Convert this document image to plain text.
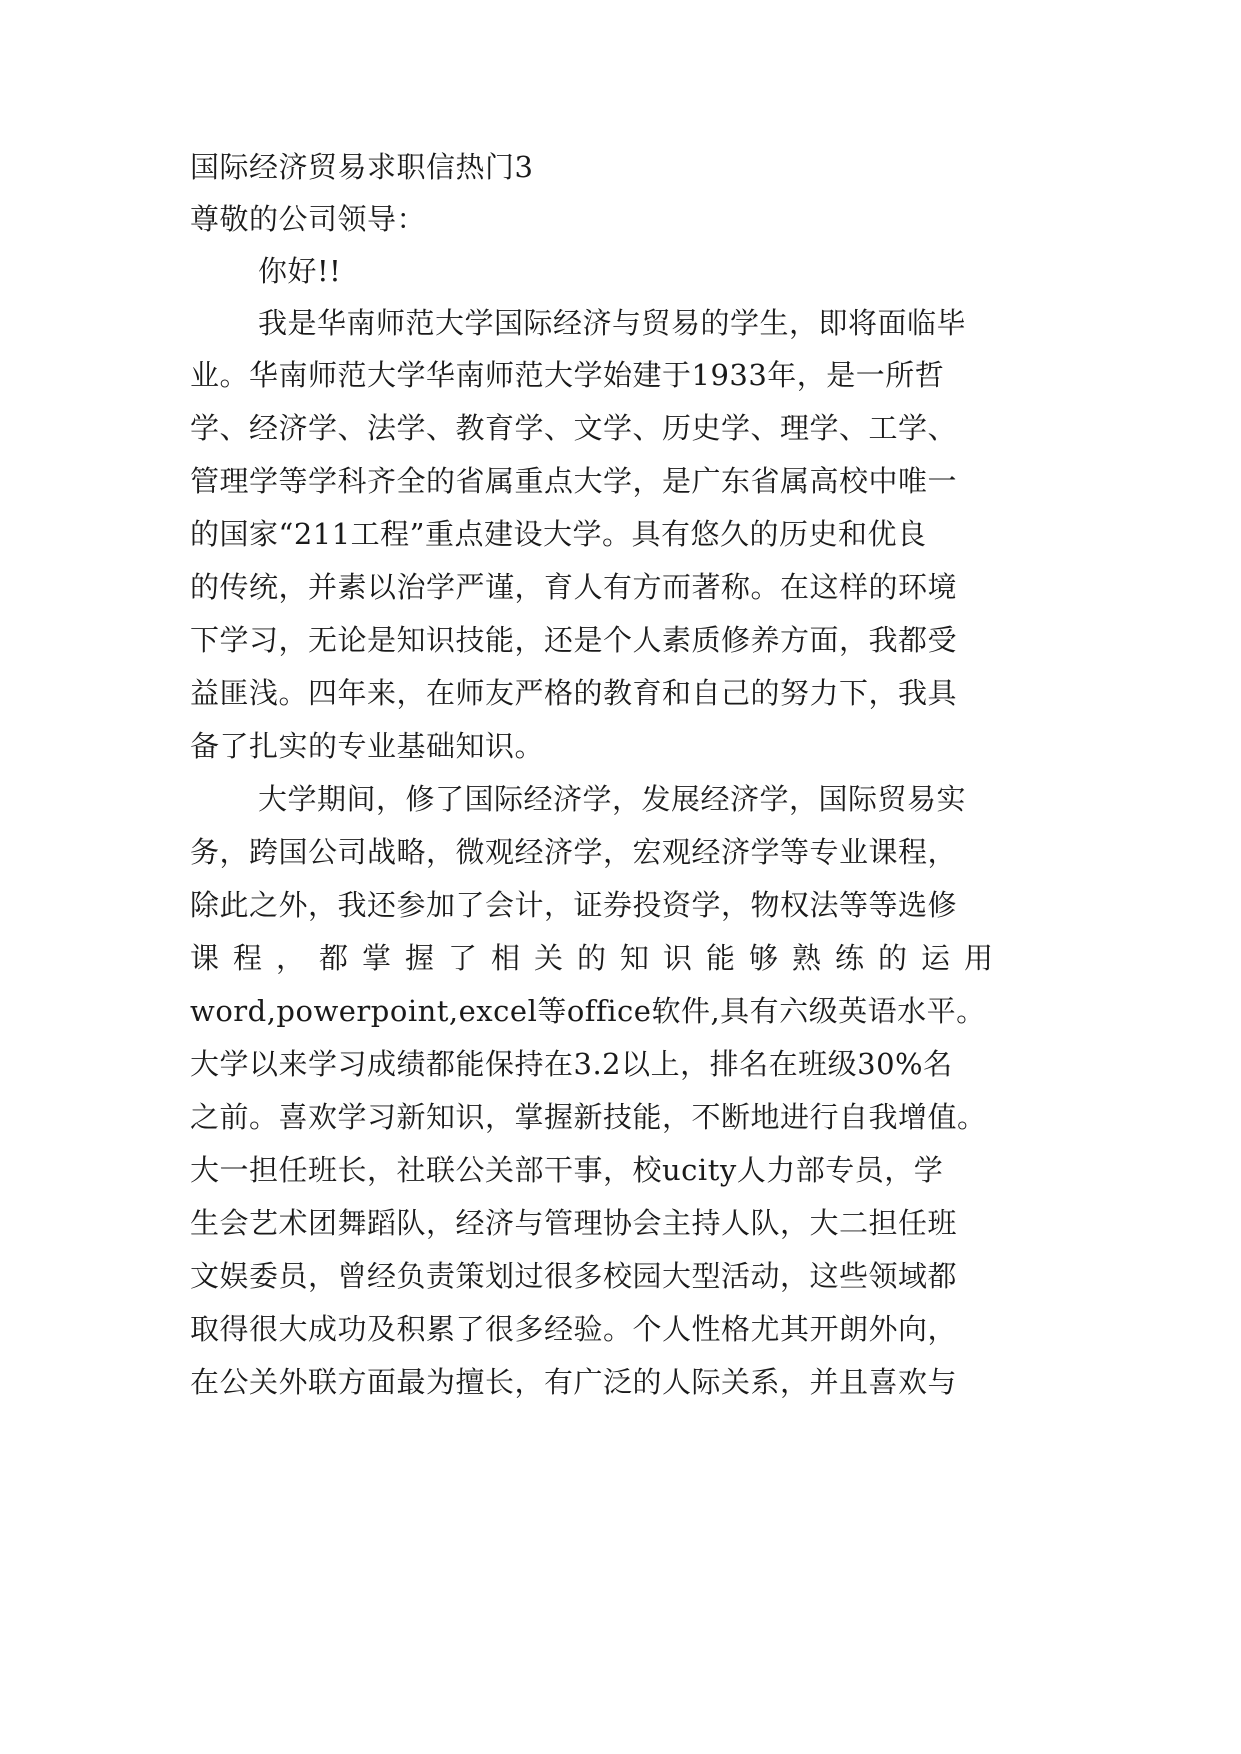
国际经济贸易求职信热门3
尊敬的公司领导：
你好!!
我是华南师范大学国际经济与贸易的学生，即将面临毕
业。华南师范大学华南师范大学始建于1933年，是一所哲
学、经济学、法学、教育学、文学、历史学、理学、工学、
管理学等学科齐全的省属重点大学，是广东省属高校中唯一
的国家“211工程”重点建设大学。具有悠久的历史和优良
的传统，并素以治学严谨，育人有方而著称。在这样的环境
下学习，无论是知识技能，还是个人素质修养方面，我都受
益匪浅。四年来，在师友严格的教育和自己的努力下，我具
备了扎实的专业基础知识。
大学期间，修了国际经济学，发展经济学，国际贸易实
务，跨国公司战略，微观经济学，宏观经济学等专业课程，
除此之外，我还参加了会计，证券投资学，物权法等等选修
课程，都掌握了相关的知识能够熟练的运用
word,powerpoint,excel等office软件,具有六级英语水平。
大学以来学习成绩都能保持在3.2以上，排名在班级30%名
之前。喜欢学习新知识，掌握新技能，不断地进行自我增值。
大一担任班长，社联公关部干事，校ucity人力部专员，学
生会艺术团舞蹈队，经济与管理协会主持人队，大二担任班
文娱委员，曾经负责策划过很多校园大型活动，这些领域都
取得很大成功及积累了很多经验。个人性格尤其开朗外向，
在公关外联方面最为擅长，有广泛的人际关系，并且喜欢与
